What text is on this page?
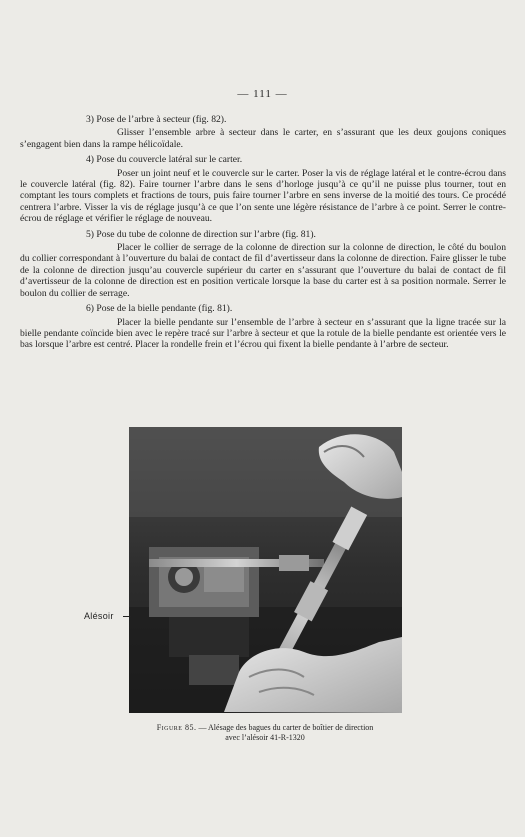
— 111 —

3) Pose de l’arbre à secteur (fig. 82).

Glisser l’ensemble arbre à secteur dans le carter, en s’assurant que les deux goujons coniques s’engagent bien dans la rampe hélicoïdale.

4) Pose du couvercle latéral sur le carter.

Poser un joint neuf et le couvercle sur le carter. Poser la vis de réglage latéral et le contre-écrou dans le couvercle latéral (fig. 82). Faire tourner l’arbre dans le sens d’horloge jusqu’à ce qu’il ne puisse plus tourner, tout en comptant les tours complets et fractions de tours, puis faire tourner l’arbre en sens inverse de la moitié des tours. Ce procédé centrera l’arbre. Visser la vis de réglage jusqu’à ce que l’on sente une légère résistance de l’arbre à ce point. Serrer le contre-écrou de réglage et vérifier le réglage de nouveau.

5) Pose du tube de colonne de direction sur l’arbre (fig. 81).

Placer le collier de serrage de la colonne de direction sur la colonne de direction, le côté du boulon du collier correspondant à l’ouverture du balai de contact de fil d’avertisseur dans la colonne de direction. Faire glisser le tube de la colonne de direction jusqu’au couvercle supérieur du carter en s’assurant que l’ouverture du balai de contact de fil d’avertisseur de la colonne de direction est en position verticale lorsque la base du carter est à sa position normale. Serrer le boulon du collier de serrage.

6) Pose de la bielle pendante (fig. 81).

Placer la bielle pendante sur l’ensemble de l’arbre à secteur en s’assurant que la ligne tracée sur la bielle pendante coïncide bien avec le repère tracé sur l’arbre à secteur et que la rotule de la bielle pendante est orientée vers le bas lorsque l’arbre est centré. Placer la rondelle frein et l’écrou qui fixent la bielle pendante à l’arbre de secteur.

Alésoir
Figure 85. — Alésage des bagues du carter de boîtier de direction
avec l’alésoir 41-R-1320
